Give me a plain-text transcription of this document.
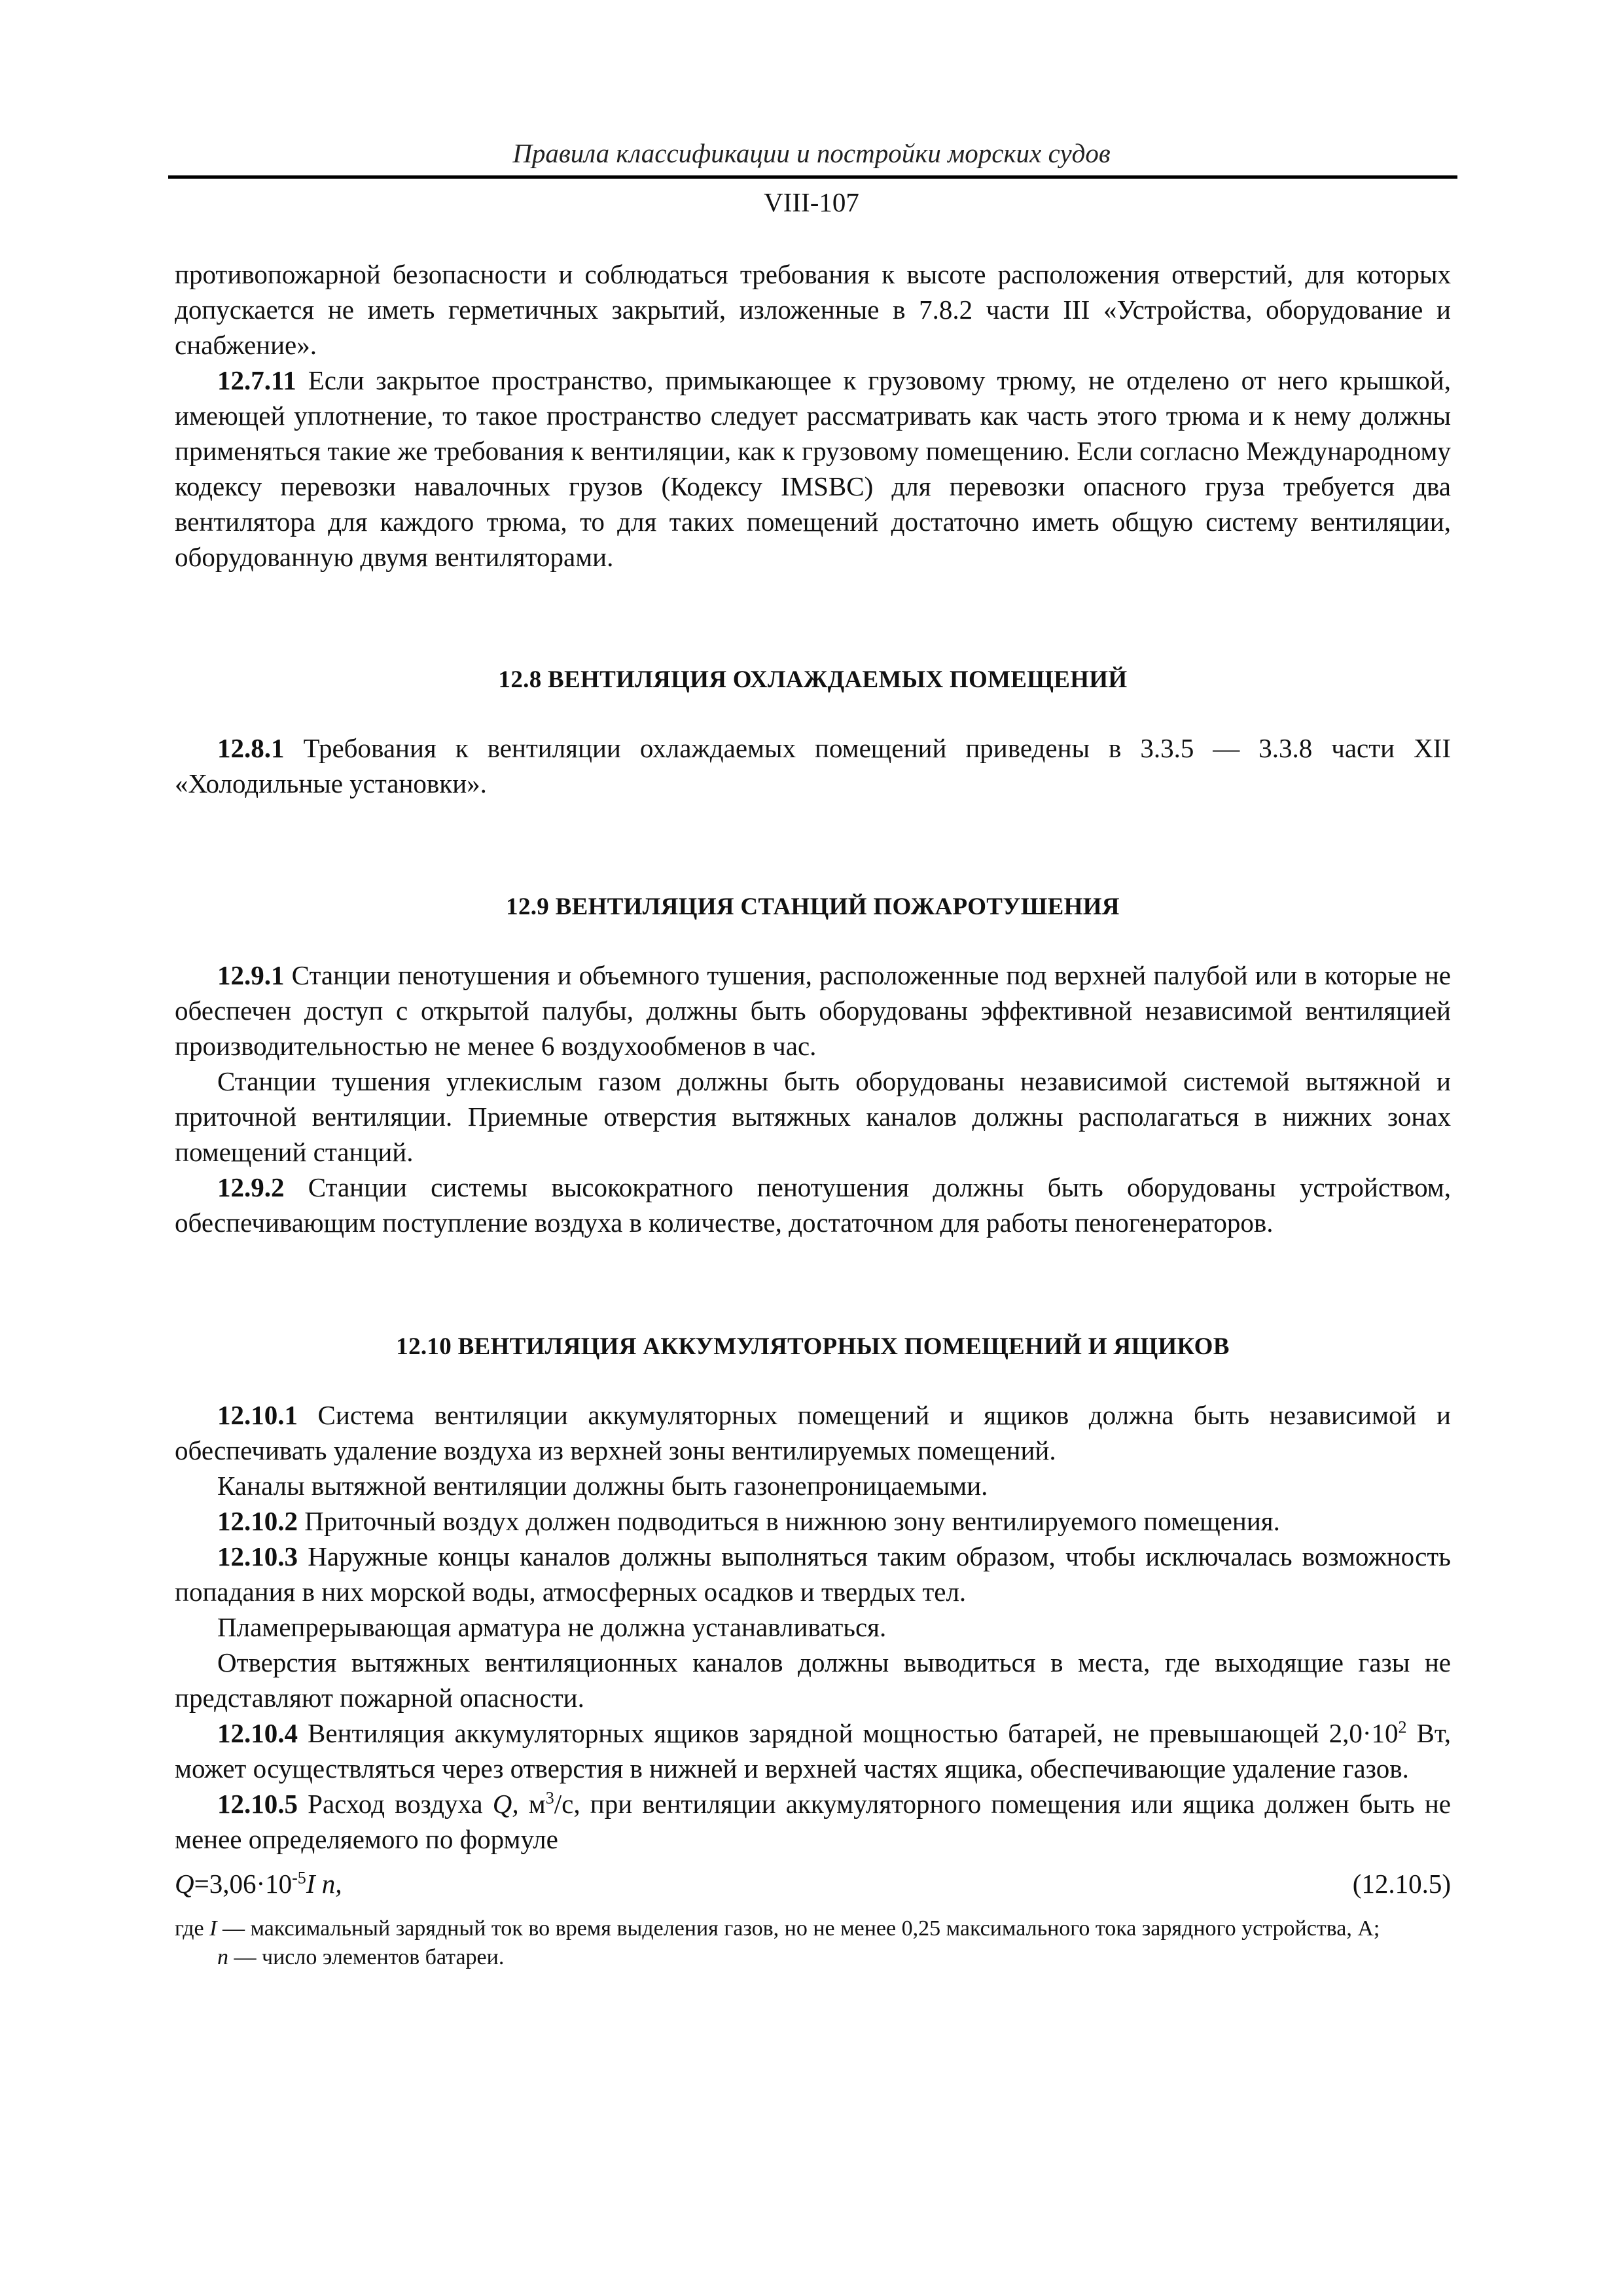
Правила классификации и постройки морских судов
VIII-107

противопожарной безопасности и соблюдаться требования к высоте расположения отверстий, для которых допускается не иметь герметичных закрытий, изложенные в 7.8.2 части III «Устройства, оборудование и снабжение».

12.7.11 Если закрытое пространство, примыкающее к грузовому трюму, не отделено от него крышкой, имеющей уплотнение, то такое пространство следует рассматривать как часть этого трюма и к нему должны применяться такие же требования к вентиляции, как к грузовому помещению. Если согласно Международному кодексу перевозки навалочных грузов (Кодексу IMSBC) для перевозки опасного груза требуется два вентилятора для каждого трюма, то для таких помещений достаточно иметь общую систему вентиляции, оборудованную двумя вентиляторами.

12.8 ВЕНТИЛЯЦИЯ ОХЛАЖДАЕМЫХ ПОМЕЩЕНИЙ

12.8.1 Требования к вентиляции охлаждаемых помещений приведены в 3.3.5 — 3.3.8 части XII «Холодильные установки».

12.9 ВЕНТИЛЯЦИЯ СТАНЦИЙ ПОЖАРОТУШЕНИЯ

12.9.1 Станции пенотушения и объемного тушения, расположенные под верхней палубой или в которые не обеспечен доступ с открытой палубы, должны быть оборудованы эффективной независимой вентиляцией производительностью не менее 6 воздухообменов в час.

Станции тушения углекислым газом должны быть оборудованы независимой системой вытяжной и приточной вентиляции. Приемные отверстия вытяжных каналов должны располагаться в нижних зонах помещений станций.

12.9.2 Станции системы высокократного пенотушения должны быть оборудованы устройством, обеспечивающим поступление воздуха в количестве, достаточном для работы пеногенераторов.

12.10 ВЕНТИЛЯЦИЯ АККУМУЛЯТОРНЫХ ПОМЕЩЕНИЙ И ЯЩИКОВ

12.10.1 Система вентиляции аккумуляторных помещений и ящиков должна быть независимой и обеспечивать удаление воздуха из верхней зоны вентилируемых помещений.

Каналы вытяжной вентиляции должны быть газонепроницаемыми.

12.10.2 Приточный воздух должен подводиться в нижнюю зону вентилируемого помещения.

12.10.3 Наружные концы каналов должны выполняться таким образом, чтобы исключалась возможность попадания в них морской воды, атмосферных осадков и твердых тел.

Пламепрерывающая арматура не должна устанавливаться.

Отверстия вытяжных вентиляционных каналов должны выводиться в места, где выходящие газы не представляют пожарной опасности.

12.10.4 Вентиляция аккумуляторных ящиков зарядной мощностью батарей, не превышающей $2,0\cdot 10^2$ Вт, может осуществляться через отверстия в нижней и верхней частях ящика, обеспечивающие удаление газов.

12.10.5 Расход воздуха Q, $м^3/с$, при вентиляции аккумуляторного помещения или ящика должен быть не менее определяемого по формуле

$Q=3,06\cdot 10^{-5}I$ n,	(12.10.5)
где I — максимальный зарядный ток во время выделения газов, но не менее 0,25 максимального тока зарядного устройства, А;
n — число элементов батареи.
